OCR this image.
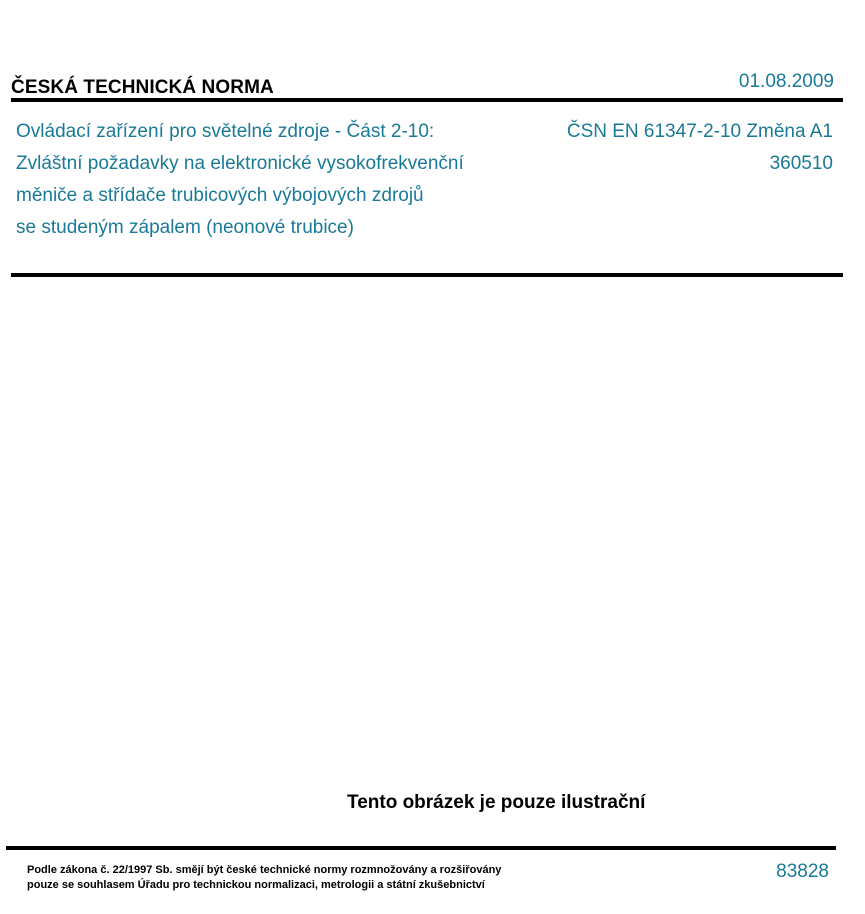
ČESKÁ TECHNICKÁ NORMA	01.08.2009
Ovládací zařízení pro světelné zdroje - Část 2-10:
Zvláštní požadavky na elektronické vysokofrekvenční
měniče a střídače trubicových výbojových zdrojů
se studeným zápalem (neonové trubice)
ČSN EN 61347-2-10 Změna A1
360510
Tento obrázek je pouze ilustrační
Podle zákona č. 22/1997 Sb. smějí být české technické normy rozmnožovány a rozšiřovány
pouze se souhlasem Úřadu pro technickou normalizaci, metrologii a státní zkušebnictví
83828
